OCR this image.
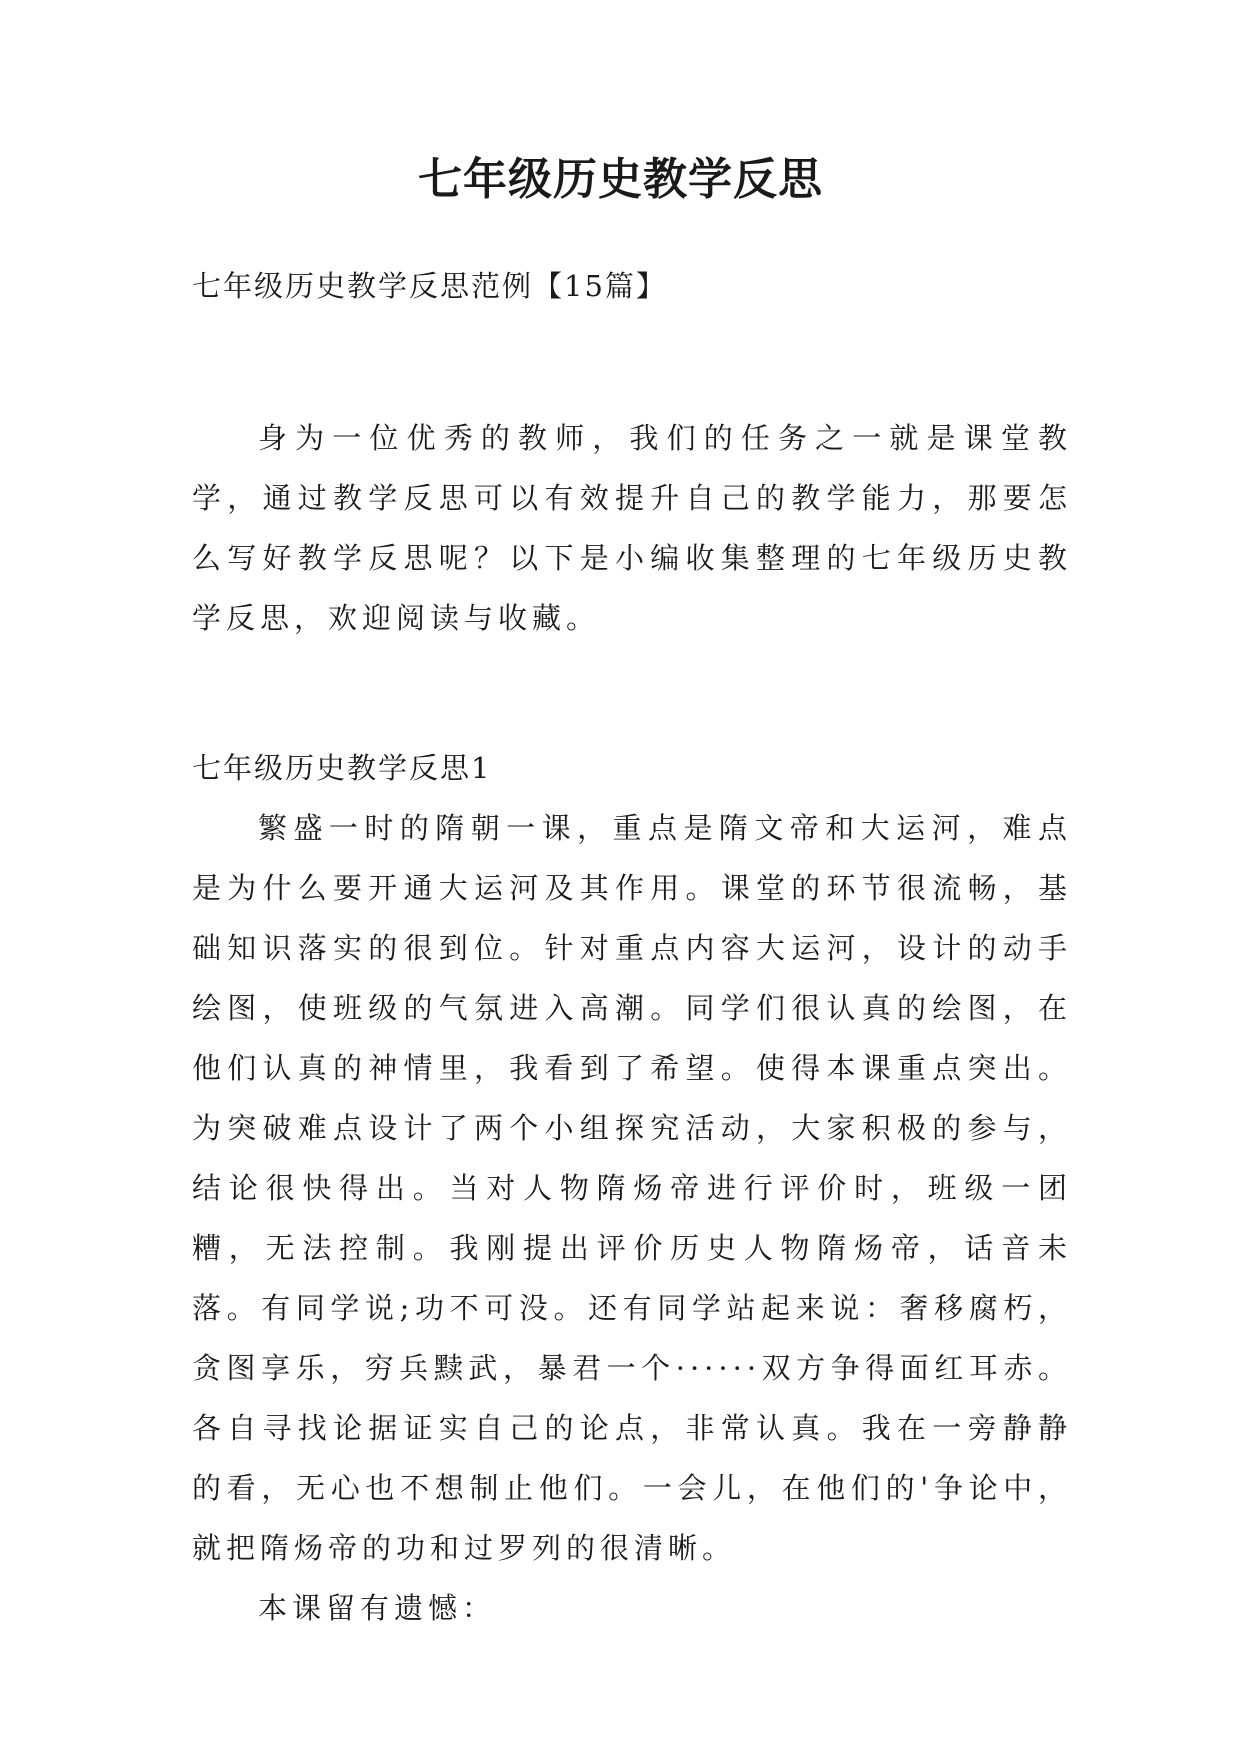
七年级历史教学反思
七年级历史教学反思范例【15篇】

身为一位优秀的教师，我们的任务之一就是课堂教学，通过教学反思可以有效提升自己的教学能力，那要怎么写好教学反思呢？以下是小编收集整理的七年级历史教学反思，欢迎阅读与收藏。

七年级历史教学反思1

繁盛一时的隋朝一课，重点是隋文帝和大运河，难点是为什么要开通大运河及其作用。课堂的环节很流畅，基础知识落实的很到位。针对重点内容大运河，设计的动手绘图，使班级的气氛进入高潮。同学们很认真的绘图，在他们认真的神情里，我看到了希望。使得本课重点突出。为突破难点设计了两个小组探究活动，大家积极的参与，结论很快得出。当对人物隋炀帝进行评价时，班级一团糟，无法控制。我刚提出评价历史人物隋炀帝，话音未落。有同学说;功不可没。还有同学站起来说：奢移腐朽，贪图享乐，穷兵黩武，暴君一个······双方争得面红耳赤。各自寻找论据证实自己的论点，非常认真。我在一旁静静的看，无心也不想制止他们。一会儿，在他们的'争论中，就把隋炀帝的功和过罗列的很清晰。

本课留有遗憾：
